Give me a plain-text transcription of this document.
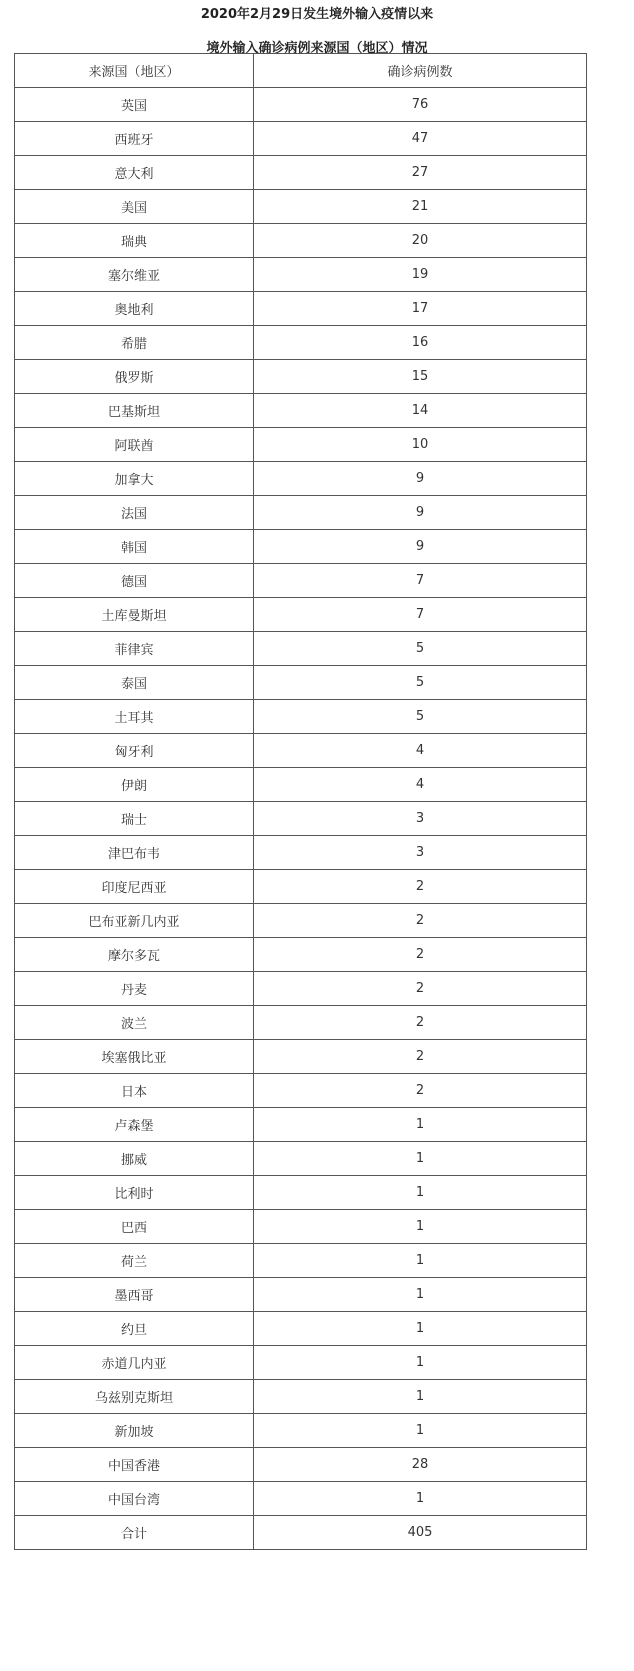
2020年2月29日发生境外输入疫情以来
境外输入确诊病例来源国（地区）情况
来源国（地区）	确诊病例数
英国	76
西班牙	47
意大利	27
美国	21
瑞典	20
塞尔维亚	19
奥地利	17
希腊	16
俄罗斯	15
巴基斯坦	14
阿联酋	10
加拿大	9
法国	9
韩国	9
德国	7
土库曼斯坦	7
菲律宾	5
泰国	5
土耳其	5
匈牙利	4
伊朗	4
瑞士	3
津巴布韦	3
印度尼西亚	2
巴布亚新几内亚	2
摩尔多瓦	2
丹麦	2
波兰	2
埃塞俄比亚	2
日本	2
卢森堡	1
挪威	1
比利时	1
巴西	1
荷兰	1
墨西哥	1
约旦	1
赤道几内亚	1
乌兹别克斯坦	1
新加坡	1
中国香港	28
中国台湾	1
合计	405
